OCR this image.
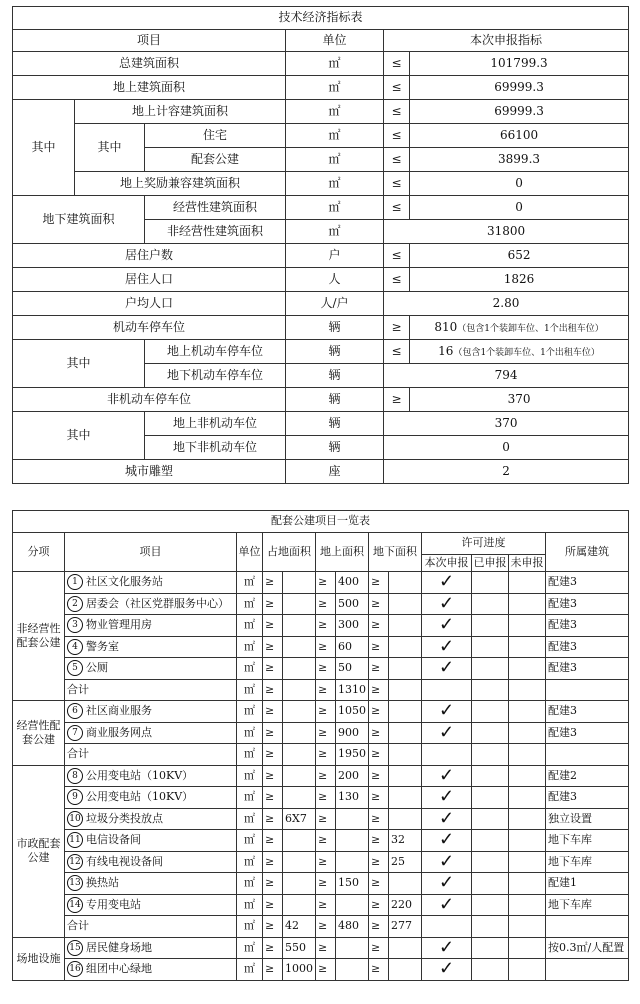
技术经济指标表					
项目			单位	本次申报指标	
总建筑面积			㎡	≤	101799.3
地上建筑面积			㎡	≤	69999.3
其中	地上计容建筑面积		㎡	≤	69999.3
	其中	住宅	㎡	≤	66100
		配套公建	㎡	≤	3899.3
	地上奖励兼容建筑面积		㎡	≤	0
地下建筑面积		经营性建筑面积	㎡	≤	0
		非经营性建筑面积	㎡	31800	
居住户数			户	≤	652
居住人口			人	≤	1826
户均人口			人/户	2.80	
机动车停车位			辆	≥	810（包含1个装卸车位、1个出租车位）
其中		地上机动车停车位	辆	≤	16（包含1个装卸车位、1个出租车位）
		地下机动车停车位	辆	794	
非机动车停车位			辆	≥	370
其中		地上非机动车位	辆	370	
		地下非机动车位	辆	0	
城市雕塑			座	2	
配套公建项目一览表												
分项	项目	单位	占地面积		地上面积		地下面积		许可进度			所属建筑
									本次申报	已申报	未申报	
非经营性配套公建	1 社区文化服务站	㎡	≥		≥	400	≥		✓			配建3
	2 居委会（社区党群服务中心）	㎡	≥		≥	500	≥		✓			配建3
	3 物业管理用房	㎡	≥		≥	300	≥		✓			配建3
	4 警务室	㎡	≥		≥	60	≥		✓			配建3
	5 公厕	㎡	≥		≥	50	≥		✓			配建3
	合计	㎡	≥		≥	1310	≥					
经营性配套公建	6 社区商业服务	㎡	≥		≥	1050	≥		✓			配建3
	7 商业服务网点	㎡	≥		≥	900	≥		✓			配建3
	合计	㎡	≥		≥	1950	≥					
市政配套公建	8 公用变电站（10KV）	㎡	≥		≥	200	≥		✓			配建2
	9 公用变电站（10KV）	㎡	≥		≥	130	≥		✓			配建3
	10 垃圾分类投放点	㎡	≥	6X7	≥		≥		✓			独立设置
	11 电信设备间	㎡	≥		≥		≥	32	✓			地下车库
	12 有线电视设备间	㎡	≥		≥		≥	25	✓			地下车库
	13 换热站	㎡	≥		≥	150	≥		✓			配建1
	14 专用变电站	㎡	≥		≥		≥	220	✓			地下车库
	合计	㎡	≥	42	≥	480	≥	277				
场地设施	15 居民健身场地	㎡	≥	550	≥		≥		✓			按0.3㎡/人配置
	16 组团中心绿地	㎡	≥	1000	≥		≥		✓			
